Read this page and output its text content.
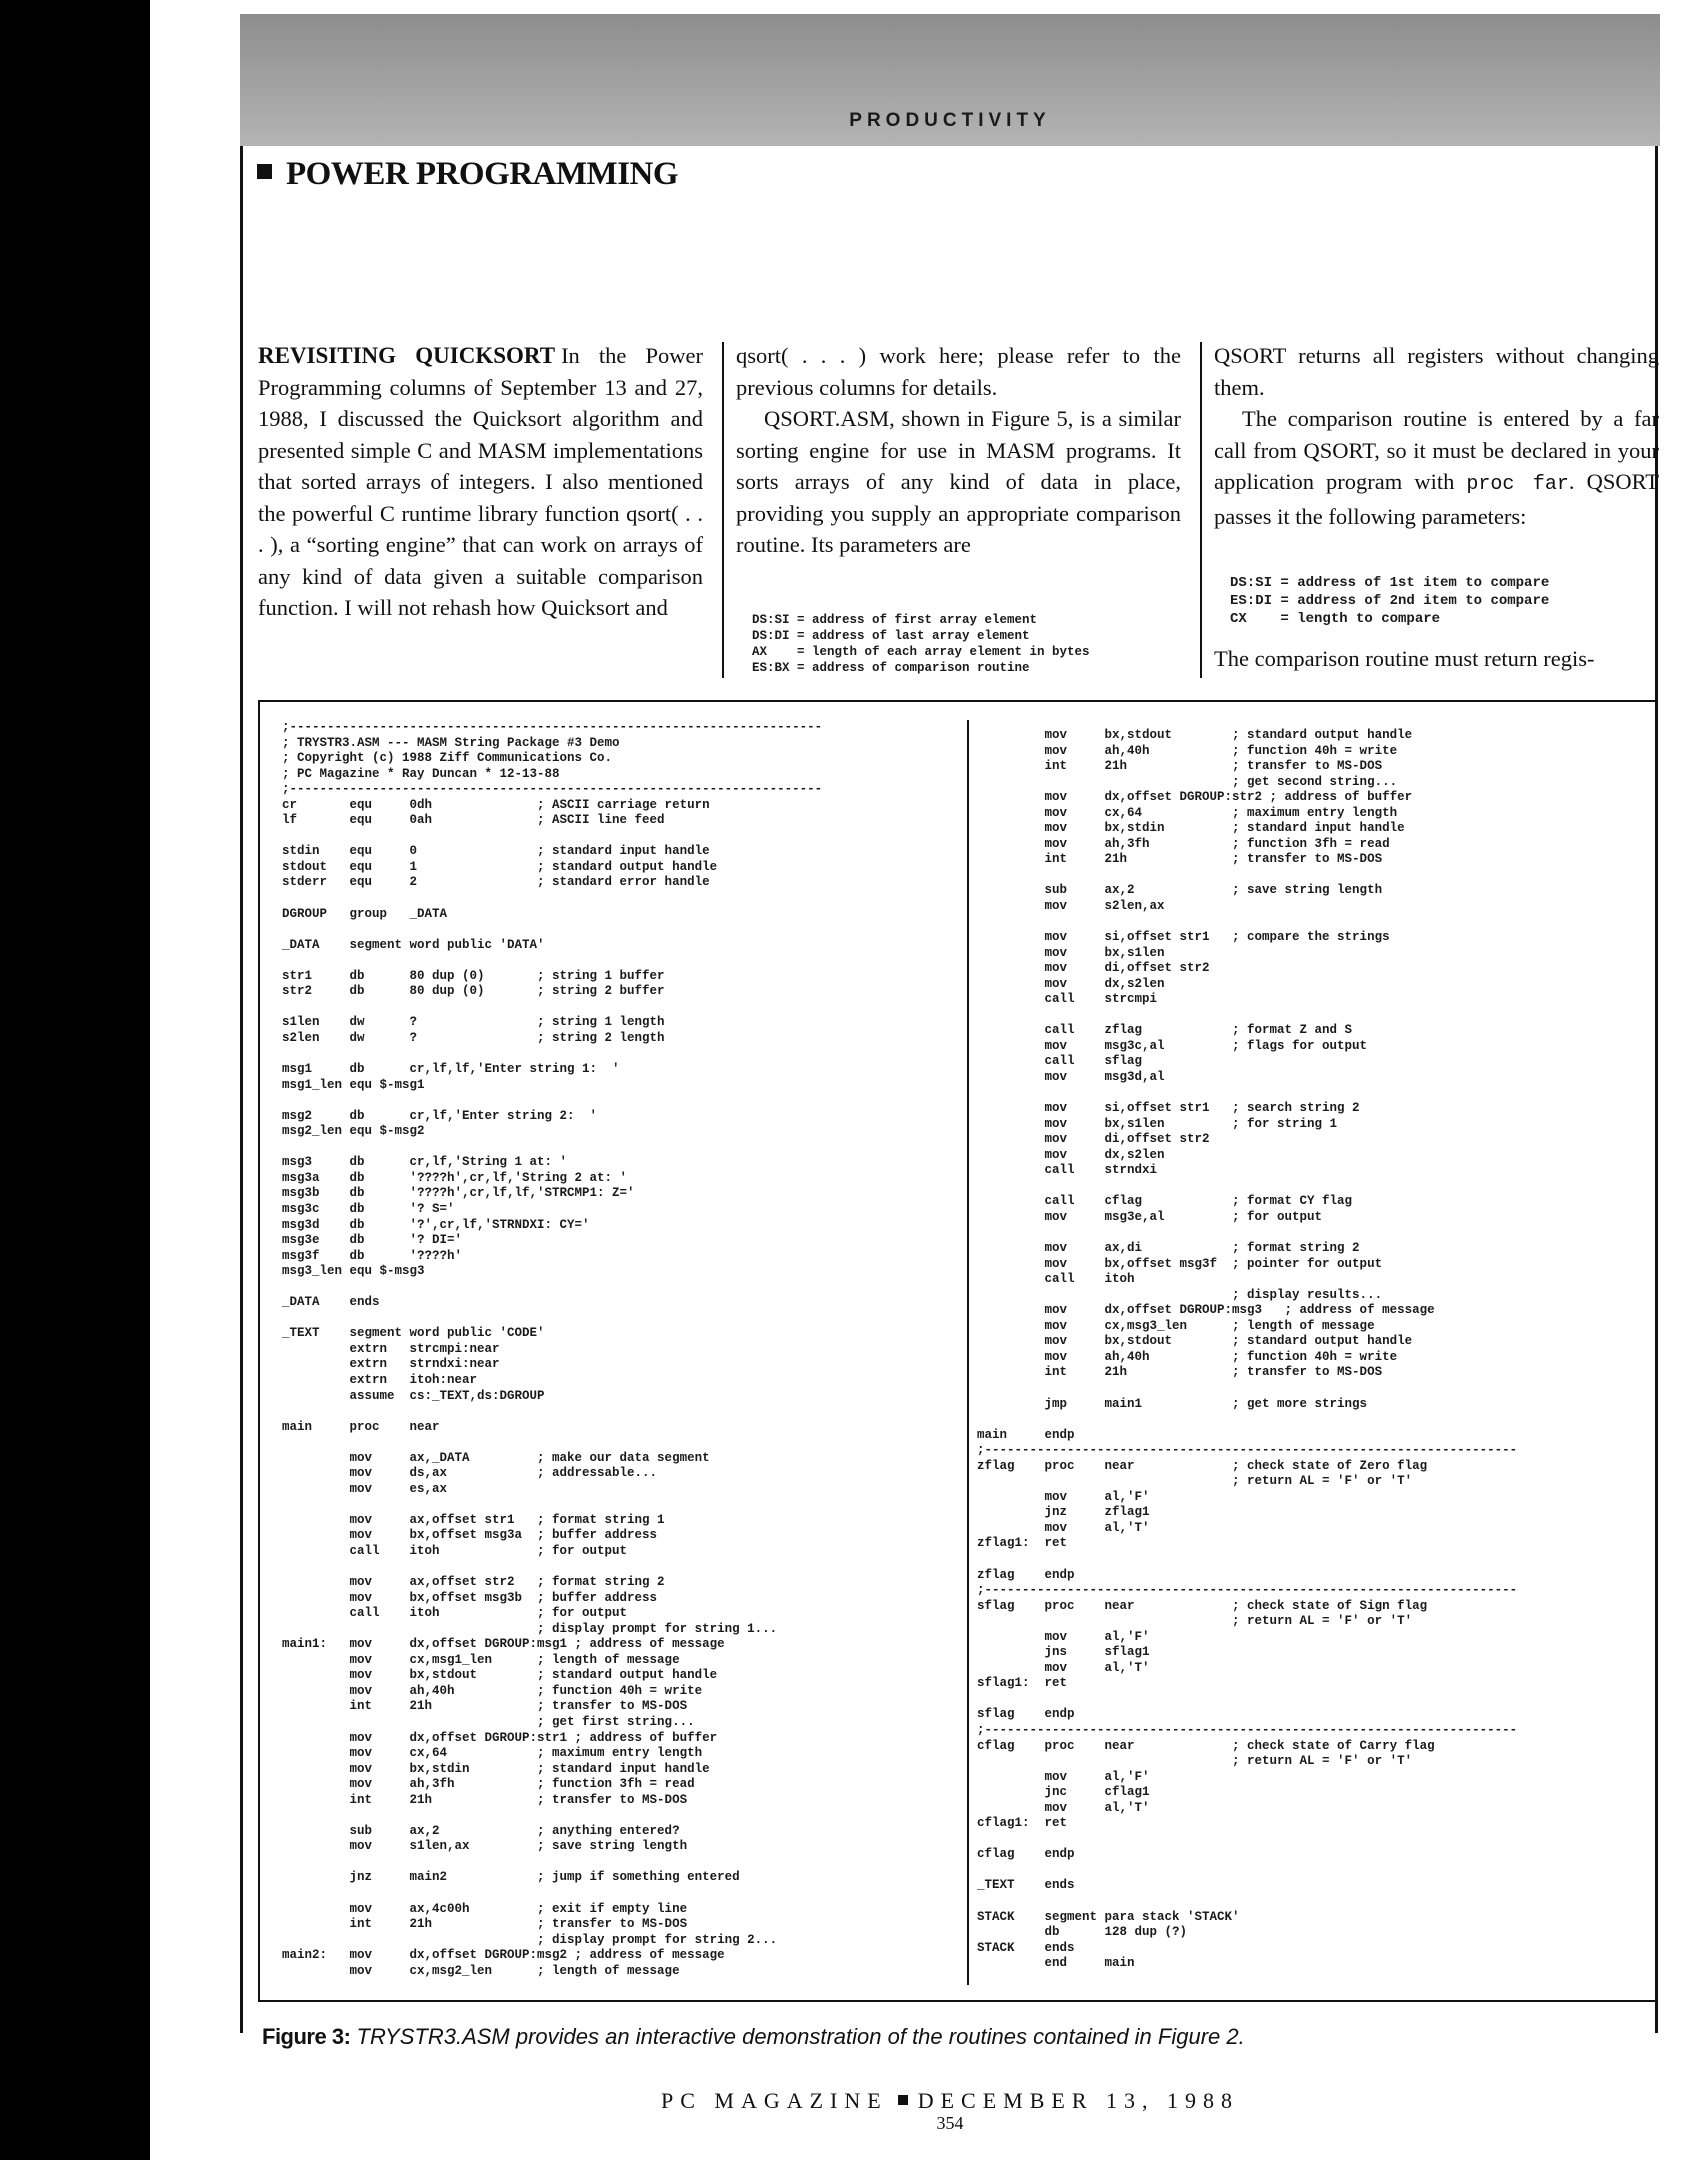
PRODUCTIVITY
POWER PROGRAMMING

REVISITING QUICKSORT In the Power Programming columns of September 13 and 27, 1988, I discussed the Quicksort algorithm and presented simple C and MASM implementations that sorted arrays of integers. I also mentioned the powerful C runtime library function qsort( . . . ), a “sorting engine” that can work on arrays of any kind of data given a suitable comparison function. I will not rehash how Quicksort and

qsort( . . . ) work here; please refer to the previous columns for details.

QSORT.ASM, shown in Figure 5, is a similar sorting engine for use in MASM programs. It sorts arrays of any kind of data in place, providing you supply an appropriate comparison routine. Its parameters are

DS:SI = address of first array element
DS:DI = address of last array element
AX    = length of each array element in bytes
ES:BX = address of comparison routine

QSORT returns all registers without changing them.

The comparison routine is entered by a far call from QSORT, so it must be declared in your application program with proc far. QSORT passes it the following parameters:

DS:SI = address of 1st item to compare
ES:DI = address of 2nd item to compare
CX    = length to compare

The comparison routine must return regis-

;-----------------------------------------------------------------------
; TRYSTR3.ASM --- MASM String Package #3 Demo
; Copyright (c) 1988 Ziff Communications Co.
; PC Magazine * Ray Duncan * 12-13-88
;-----------------------------------------------------------------------
cr       equ     0dh              ; ASCII carriage return
lf       equ     0ah              ; ASCII line feed

stdin    equ     0                ; standard input handle
stdout   equ     1                ; standard output handle
stderr   equ     2                ; standard error handle

DGROUP   group   _DATA

_DATA    segment word public 'DATA'

str1     db      80 dup (0)       ; string 1 buffer
str2     db      80 dup (0)       ; string 2 buffer

s1len    dw      ?                ; string 1 length
s2len    dw      ?                ; string 2 length

msg1     db      cr,lf,lf,'Enter string 1:  '
msg1_len equ $-msg1

msg2     db      cr,lf,'Enter string 2:  '
msg2_len equ $-msg2

msg3     db      cr,lf,'String 1 at: '
msg3a    db      '????h',cr,lf,'String 2 at: '
msg3b    db      '????h',cr,lf,lf,'STRCMP1: Z='
msg3c    db      '? S='
msg3d    db      '?',cr,lf,'STRNDXI: CY='
msg3e    db      '? DI='
msg3f    db      '????h'
msg3_len equ $-msg3

_DATA    ends

_TEXT    segment word public 'CODE'
extrn   strcmpi:near
extrn   strndxi:near
extrn   itoh:near
assume  cs:_TEXT,ds:DGROUP

main     proc    near

mov     ax,_DATA         ; make our data segment
mov     ds,ax            ; addressable...
mov     es,ax

mov     ax,offset str1   ; format string 1
mov     bx,offset msg3a  ; buffer address
call    itoh             ; for output

mov     ax,offset str2   ; format string 2
mov     bx,offset msg3b  ; buffer address
call    itoh             ; for output
; display prompt for string 1...
main1:   mov     dx,offset DGROUP:msg1 ; address of message
mov     cx,msg1_len      ; length of message
mov     bx,stdout        ; standard output handle
mov     ah,40h           ; function 40h = write
int     21h              ; transfer to MS-DOS
; get first string...
mov     dx,offset DGROUP:str1 ; address of buffer
mov     cx,64            ; maximum entry length
mov     bx,stdin         ; standard input handle
mov     ah,3fh           ; function 3fh = read
int     21h              ; transfer to MS-DOS

sub     ax,2             ; anything entered?
mov     s1len,ax         ; save string length

jnz     main2            ; jump if something entered

mov     ax,4c00h         ; exit if empty line
int     21h              ; transfer to MS-DOS
; display prompt for string 2...
main2:   mov     dx,offset DGROUP:msg2 ; address of message
mov     cx,msg2_len      ; length of message
mov     bx,stdout        ; standard output handle
mov     ah,40h           ; function 40h = write
int     21h              ; transfer to MS-DOS
; get second string...
mov     dx,offset DGROUP:str2 ; address of buffer
mov     cx,64            ; maximum entry length
mov     bx,stdin         ; standard input handle
mov     ah,3fh           ; function 3fh = read
int     21h              ; transfer to MS-DOS

sub     ax,2             ; save string length
mov     s2len,ax

mov     si,offset str1   ; compare the strings
mov     bx,s1len
mov     di,offset str2
mov     dx,s2len
call    strcmpi

call    zflag            ; format Z and S
mov     msg3c,al         ; flags for output
call    sflag
mov     msg3d,al

mov     si,offset str1   ; search string 2
mov     bx,s1len         ; for string 1
mov     di,offset str2
mov     dx,s2len
call    strndxi

call    cflag            ; format CY flag
mov     msg3e,al         ; for output

mov     ax,di            ; format string 2
mov     bx,offset msg3f  ; pointer for output
call    itoh
; display results...
mov     dx,offset DGROUP:msg3   ; address of message
mov     cx,msg3_len      ; length of message
mov     bx,stdout        ; standard output handle
mov     ah,40h           ; function 40h = write
int     21h              ; transfer to MS-DOS

jmp     main1            ; get more strings

main     endp
;-----------------------------------------------------------------------
zflag    proc    near             ; check state of Zero flag
; return AL = 'F' or 'T'
mov     al,'F'
jnz     zflag1
mov     al,'T'
zflag1:  ret

zflag    endp
;-----------------------------------------------------------------------
sflag    proc    near             ; check state of Sign flag
; return AL = 'F' or 'T'
mov     al,'F'
jns     sflag1
mov     al,'T'
sflag1:  ret

sflag    endp
;-----------------------------------------------------------------------
cflag    proc    near             ; check state of Carry flag
; return AL = 'F' or 'T'
mov     al,'F'
jnc     cflag1
mov     al,'T'
cflag1:  ret

cflag    endp

_TEXT    ends

STACK    segment para stack 'STACK'
db      128 dup (?)
STACK    ends
end     main
Figure 3: TRYSTR3.ASM provides an interactive demonstration of the routines contained in Figure 2.
PC MAGAZINE DECEMBER 13, 1988
354
